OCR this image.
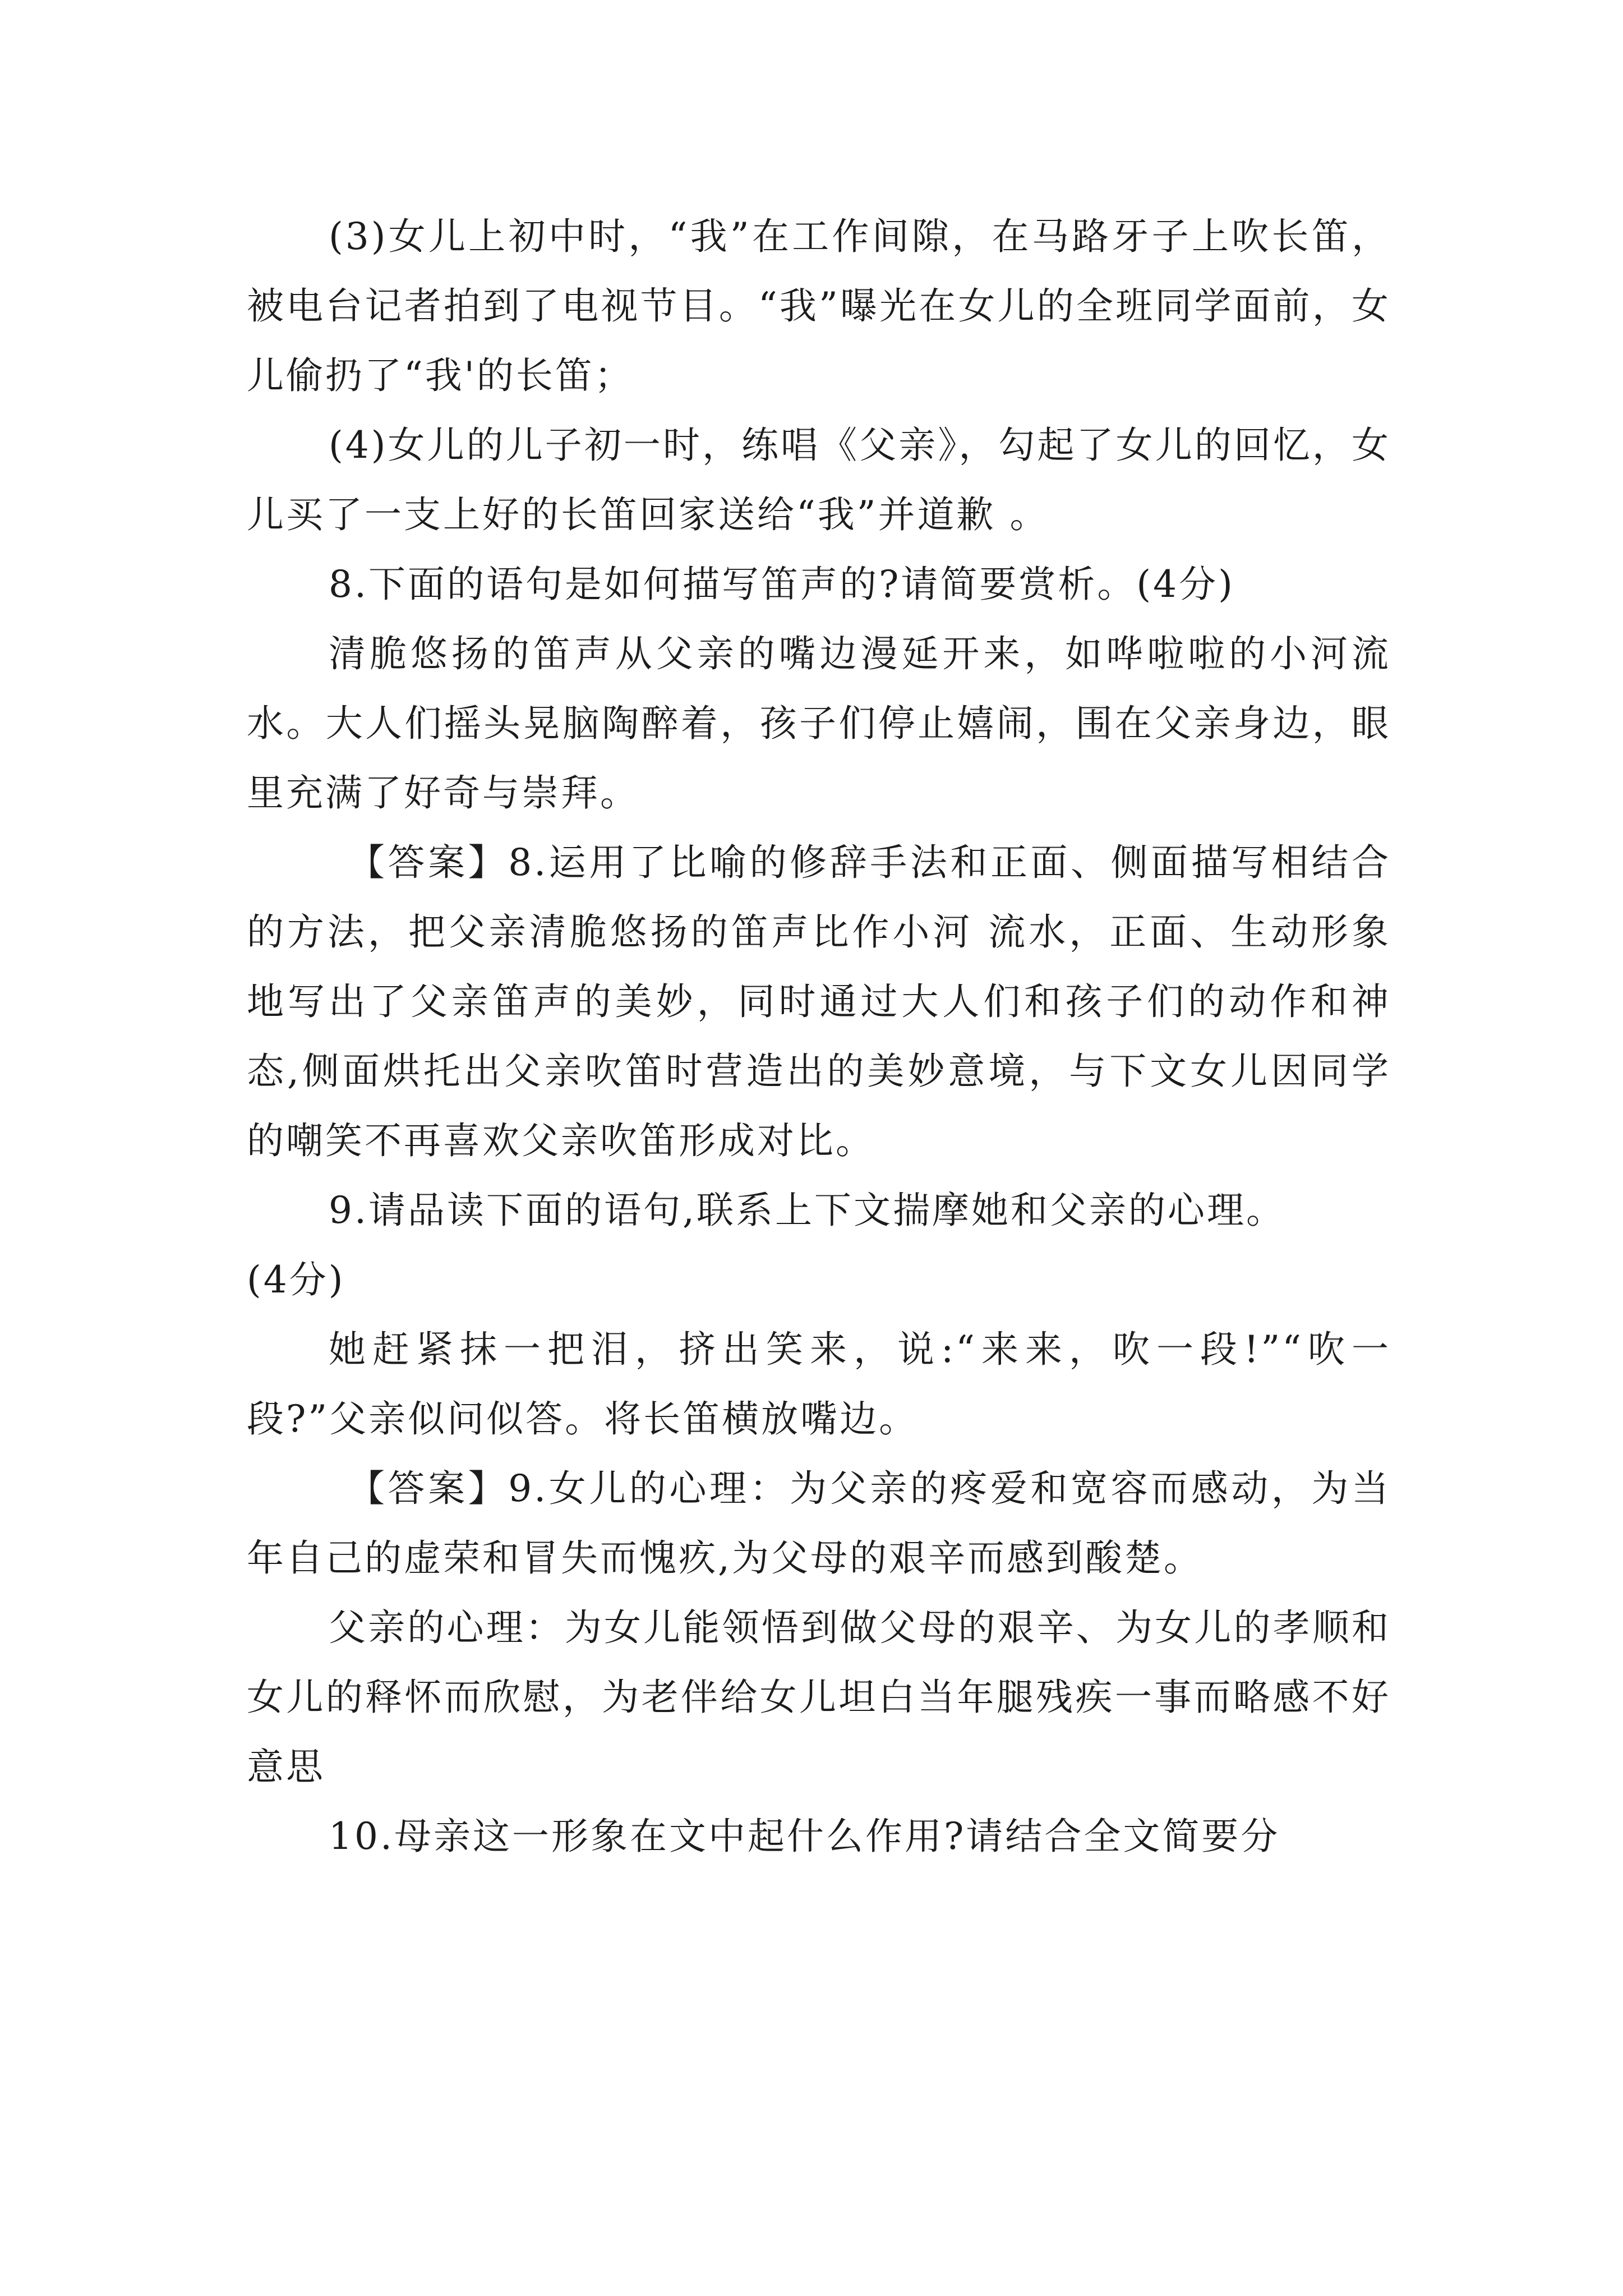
(3)女儿上初中时，“我”在工作间隙，在马路牙子上吹长笛，被电台记者拍到了电视节目。“我”曝光在女儿的全班同学面前，女儿偷扔了“我'的长笛；

(4)女儿的儿子初一时，练唱《父亲》，勾起了女儿的回忆，女儿买了一支上好的长笛回家送给“我”并道歉 。

8.下面的语句是如何描写笛声的?请简要赏析。(4分)

清脆悠扬的笛声从父亲的嘴边漫延开来，如哗啦啦的小河流水。大人们摇头晃脑陶醉着，孩子们停止嬉闹，围在父亲身边，眼里充满了好奇与崇拜。

【答案】8.运用了比喻的修辞手法和正面、侧面描写相结合的方法，把父亲清脆悠扬的笛声比作小河 流水，正面、生动形象地写出了父亲笛声的美妙，同时通过大人们和孩子们的动作和神态,侧面烘托出父亲吹笛时营造出的美妙意境，与下文女儿因同学的嘲笑不再喜欢父亲吹笛形成对比。

9.请品读下面的语句,联系上下文揣摩她和父亲的心理。

(4分)

她赶紧抹一把泪，挤出笑来，说:“来来，吹一段!”“吹一段?”父亲似问似答。将长笛横放嘴边。

【答案】9.女儿的心理：为父亲的疼爱和宽容而感动，为当年自己的虚荣和冒失而愧疚,为父母的艰辛而感到酸楚。

父亲的心理：为女儿能领悟到做父母的艰辛、为女儿的孝顺和女儿的释怀而欣慰，为老伴给女儿坦白当年腿残疾一事而略感不好意思

10.母亲这一形象在文中起什么作用?请结合全文简要分
